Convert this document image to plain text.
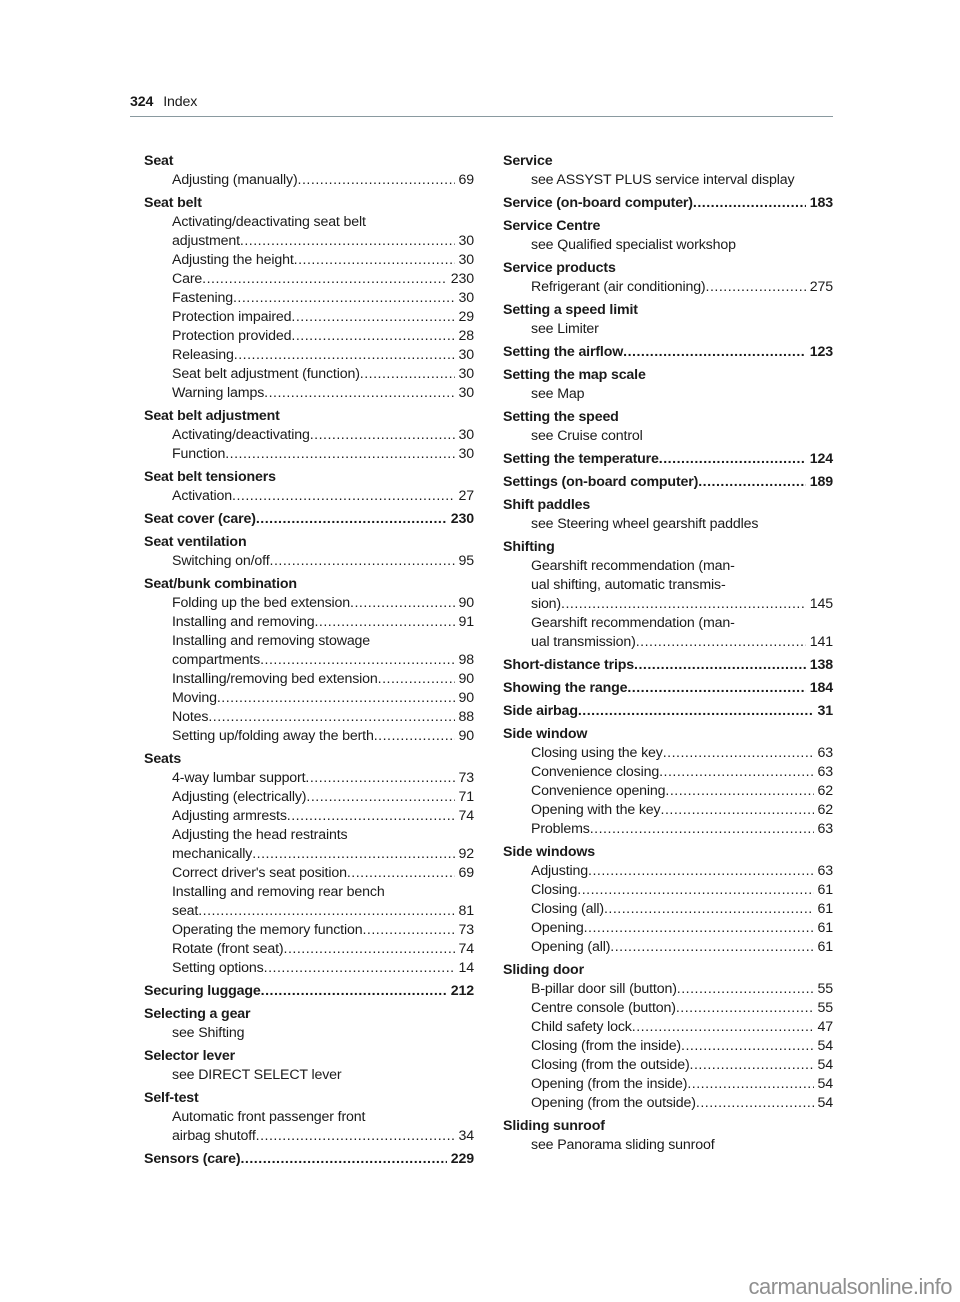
324 Index
Seat
Adjusting (manually) .....	69
Seat belt
Activating/deactivating seat belt
adjustment .....	30
Adjusting the height .....	30
Care .....	230
Fastening .....	30
Protection impaired .....	29
Protection provided .....	28
Releasing .....	30
Seat belt adjustment (function) .....	30
Warning lamps .....	30
Seat belt adjustment
Activating/deactivating .....	30
Function .....	30
Seat belt tensioners
Activation .....	27
Seat cover (care) .....	230
Seat ventilation
Switching on/off .....	95
Seat/bunk combination
Folding up the bed extension .....	90
Installing and removing .....	91
Installing and removing stowage
compartments .....	98
Installing/removing bed extension .....	90
Moving .....	90
Notes .....	88
Setting up/folding away the berth .....	90
Seats
4-way lumbar support .....	73
Adjusting (electrically) .....	71
Adjusting armrests .....	74
Adjusting the head restraints
mechanically .....	92
Correct driver's seat position .....	69
Installing and removing rear bench
seat .....	81
Operating the memory function .....	73
Rotate (front seat) .....	74
Setting options .....	14
Securing luggage .....	212
Selecting a gear
see Shifting
Selector lever
see DIRECT SELECT lever
Self-test
Automatic front passenger front
airbag shutoff .....	34
Sensors (care) .....	229
Service
see ASSYST PLUS service interval display
Service (on-board computer) .....	183
Service Centre
see Qualified specialist workshop
Service products
Refrigerant (air conditioning) .....	275
Setting a speed limit
see Limiter
Setting the airflow .....	123
Setting the map scale
see Map
Setting the speed
see Cruise control
Setting the temperature .....	124
Settings (on-board computer) .....	189
Shift paddles
see Steering wheel gearshift paddles
Shifting
Gearshift recommendation (man-
ual shifting, automatic transmis-
sion) .....	145
Gearshift recommendation (man-
ual transmission) .....	141
Short-distance trips .....	138
Showing the range .....	184
Side airbag .....	31
Side window
Closing using the key .....	63
Convenience closing .....	63
Convenience opening .....	62
Opening with the key .....	62
Problems .....	63
Side windows
Adjusting .....	63
Closing .....	61
Closing (all) .....	61
Opening .....	61
Opening (all) .....	61
Sliding door
B-pillar door sill (button) .....	55
Centre console (button) .....	55
Child safety lock .....	47
Closing (from the inside) .....	54
Closing (from the outside) .....	54
Opening (from the inside) .....	54
Opening (from the outside) .....	54
Sliding sunroof
see Panorama sliding sunroof
carmanualsonline.info
